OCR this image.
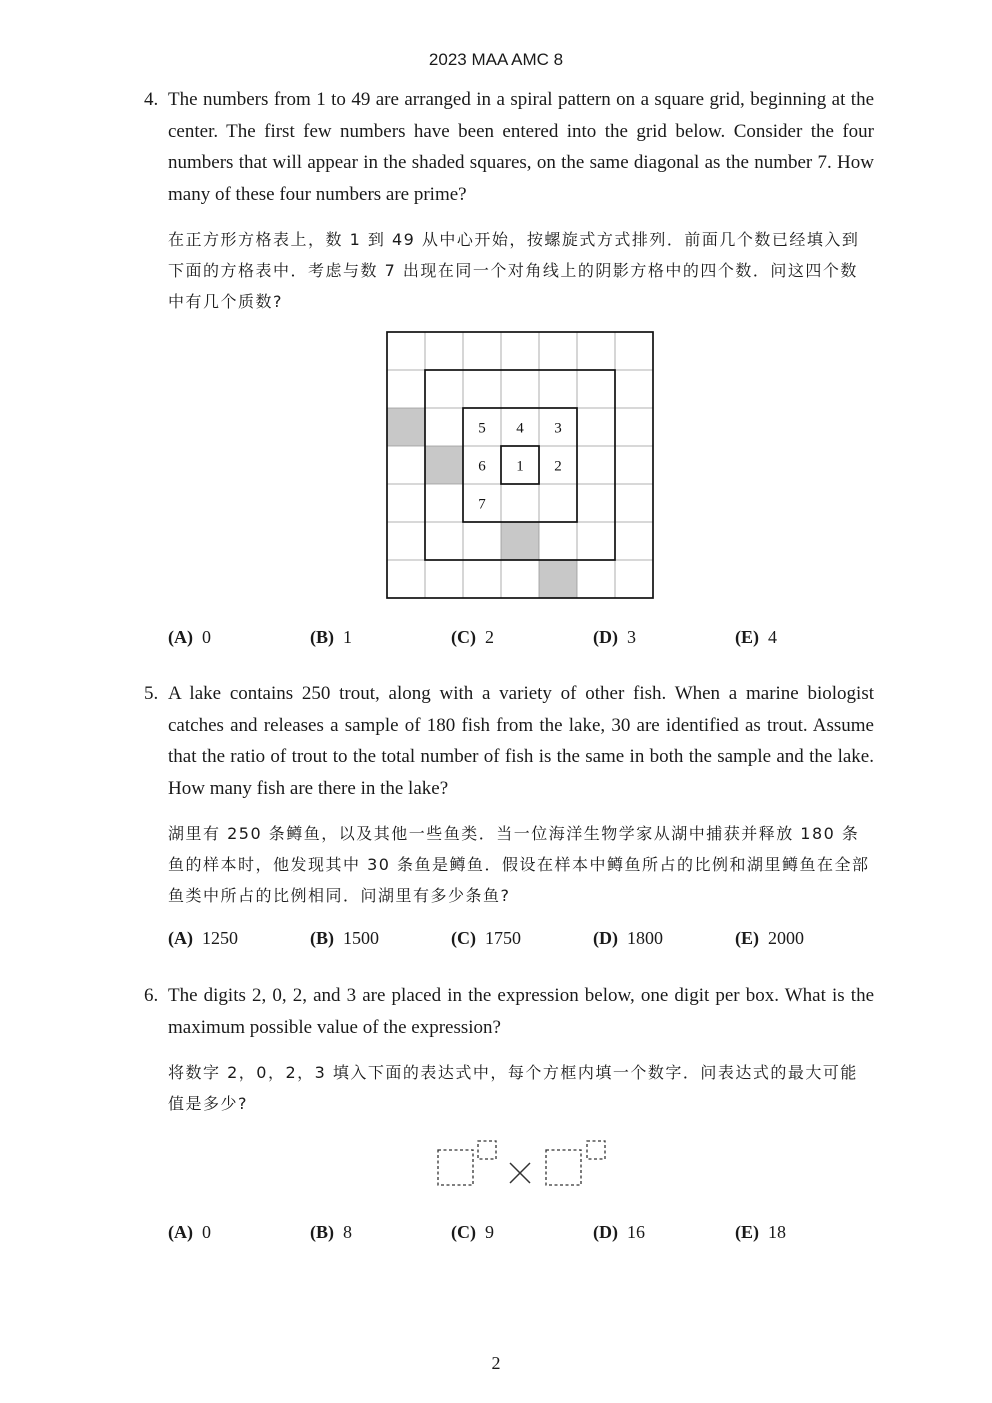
2023 MAA AMC 8
4. The numbers from 1 to 49 are arranged in a spiral pattern on a square grid, beginning at the center. The first few numbers have been entered into the grid below. Consider the four numbers that will appear in the shaded squares, on the same diagonal as the number 7. How many of these four numbers are prime?

在正方形方格表上，数 1 到 49 从中心开始，按螺旋式方式排列．前面几个数已经填入到下面的方格表中．考虑与数 7 出现在同一个对角线上的阴影方格中的四个数．问这四个数中有几个质数?

5 4 3
6 1 2
7
(A) 0	(B) 1	(C) 2	(D) 3	(E) 4
5. A lake contains 250 trout, along with a variety of other fish. When a marine biologist catches and releases a sample of 180 fish from the lake, 30 are identified as trout. Assume that the ratio of trout to the total number of fish is the same in both the sample and the lake. How many fish are there in the lake?

湖里有 250 条鳟鱼，以及其他一些鱼类．当一位海洋生物学家从湖中捕获并释放 180 条鱼的样本时，他发现其中 30 条鱼是鳟鱼．假设在样本中鳟鱼所占的比例和湖里鳟鱼在全部鱼类中所占的比例相同．问湖里有多少条鱼?

(A) 1250	(B) 1500	(C) 1750	(D) 1800	(E) 2000
6. The digits 2, 0, 2, and 3 are placed in the expression below, one digit per box. What is the maximum possible value of the expression?

将数字 2，0，2，3 填入下面的表达式中，每个方框内填一个数字．问表达式的最大可能值是多少?

(A) 0	(B) 8	(C) 9	(D) 16	(E) 18
2
